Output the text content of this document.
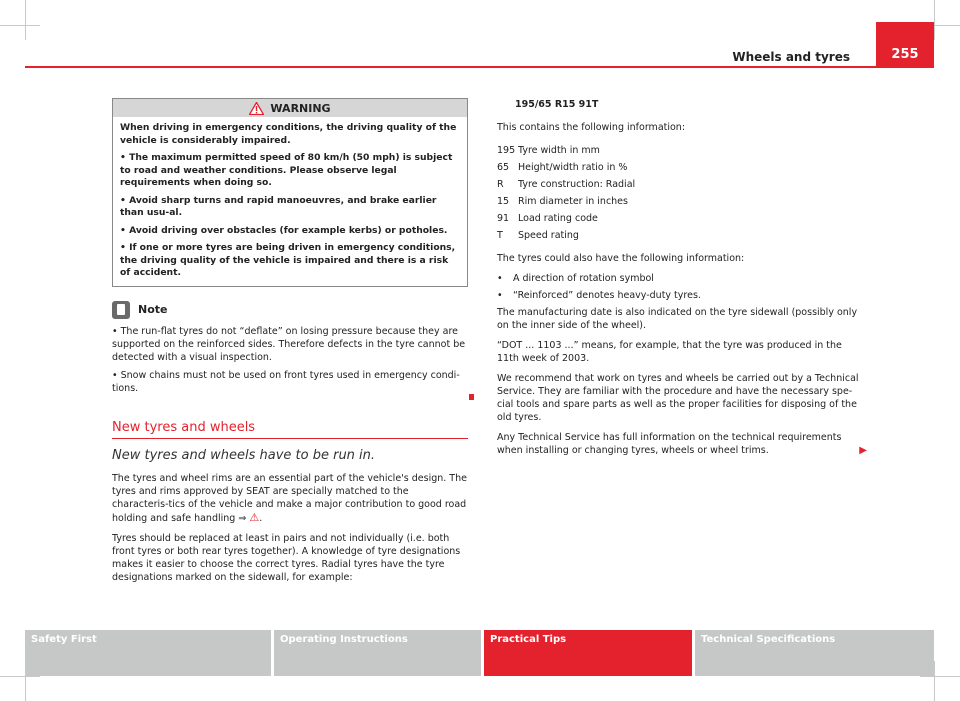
Wheels and tyres	255
WARNING

When driving in emergency conditions, the driving quality of the vehicle is considerably impaired.

• The maximum permitted speed of 80 km/h (50 mph) is subject to road and weather conditions. Please observe legal requirements when doing so.

• Avoid sharp turns and rapid manoeuvres, and brake earlier than usu-al.

• Avoid driving over obstacles (for example kerbs) or potholes.

• If one or more tyres are being driven in emergency conditions, the driving quality of the vehicle is impaired and there is a risk of accident.

Note

• The run-flat tyres do not “deflate” on losing pressure because they are supported on the reinforced sides. Therefore defects in the tyre cannot be detected with a visual inspection.

• Snow chains must not be used on front tyres used in emergency condi-tions.

New tyres and wheels
New tyres and wheels have to be run in.

The tyres and wheel rims are an essential part of the vehicle's design. The tyres and rims approved by SEAT are specially matched to the characteris-tics of the vehicle and make a major contribution to good road holding and safe handling ⇒ ⚠.

Tyres should be replaced at least in pairs and not individually (i.e. both front tyres or both rear tyres together). A knowledge of tyre designations makes it easier to choose the correct tyres. Radial tyres have the tyre designations marked on the sidewall, for example:

195/65 R15 91T

This contains the following information:

195 Tyre width in mm
65 Height/width ratio in %
R	Tyre construction: Radial
15 Rim diameter in inches
91 Load rating code
T	Speed rating

The tyres could also have the following information:

• A direction of rotation symbol
• “Reinforced” denotes heavy-duty tyres.

The manufacturing date is also indicated on the tyre sidewall (possibly only on the inner side of the wheel).

“DOT ... 1103 ...” means, for example, that the tyre was produced in the 11th week of 2003.

We recommend that work on tyres and wheels be carried out by a Technical Service. They are familiar with the procedure and have the necessary spe-cial tools and spare parts as well as the proper facilities for disposing of the old tyres.

Any Technical Service has full information on the technical requirements when installing or changing tyres, wheels or wheel trims.	▶

Safety First	Operating Instructions	Practical Tips	Technical Specifications
